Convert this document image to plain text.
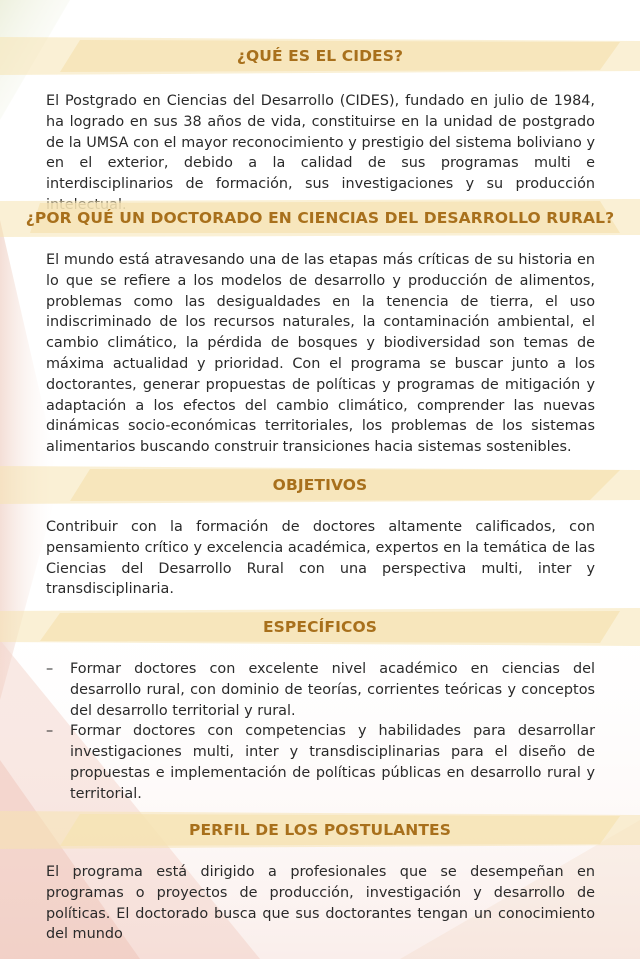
¿QUÉ ES EL CIDES?

El Postgrado en Ciencias del Desarrollo (CIDES), fundado en julio de 1984, ha logrado en sus 38 años de vida, constituirse en la unidad de postgrado de la UMSA con el mayor reconocimiento y prestigio del sistema boliviano y en el exterior, debido a la calidad de sus programas multi e interdisciplinarios de formación, sus investigaciones y su producción

¿POR QUÉ UN DOCTORADO EN CIENCIAS DEL DESARROLLO RURAL?

El mundo está atravesando una de las etapas más críticas de su historia en lo que se refiere a los modelos de desarrollo y producción de alimentos, problemas como las desigualdades en la tenencia de tierra, el uso indiscriminado de los recursos naturales, la contaminación ambiental, el cambio climático, la pérdida de bosques y biodiversidad son temas de máxima actualidad y prioridad. Con el programa se buscar junto a los doctorantes, generar propuestas de políticas y programas de mitigación y adaptación a los efectos del cambio climático, comprender las nuevas dinámicas socio-económicas territoriales, los problemas de los sistemas alimentarios buscando construir transiciones hacia sistemas sostenibles.

OBJETIVOS

Contribuir con la formación de doctores altamente calificados, con pensamiento crítico y excelencia académica, expertos en la temática de las Ciencias del Desarrollo Rural con una perspectiva multi, inter y transdisciplinaria.

ESPECÍFICOS
– Formar doctores con excelente nivel académico en ciencias del desarrollo rural, con dominio de teorías, corrientes teóricas y conceptos del desarrollo territorial y rural.
– Formar doctores con competencias y habilidades para desarrollar investigaciones multi, inter y transdisciplinarias para el diseño de propuestas e implementación de políticas públicas en desarrollo rural y territorial.
PERFIL DE LOS POSTULANTES

El programa está dirigido a profesionales que se desempeñan en programas o proyectos de producción, investigación y desarrollo de políticas. El doctorado busca que sus doctorantes tengan un conocimiento del mundo
